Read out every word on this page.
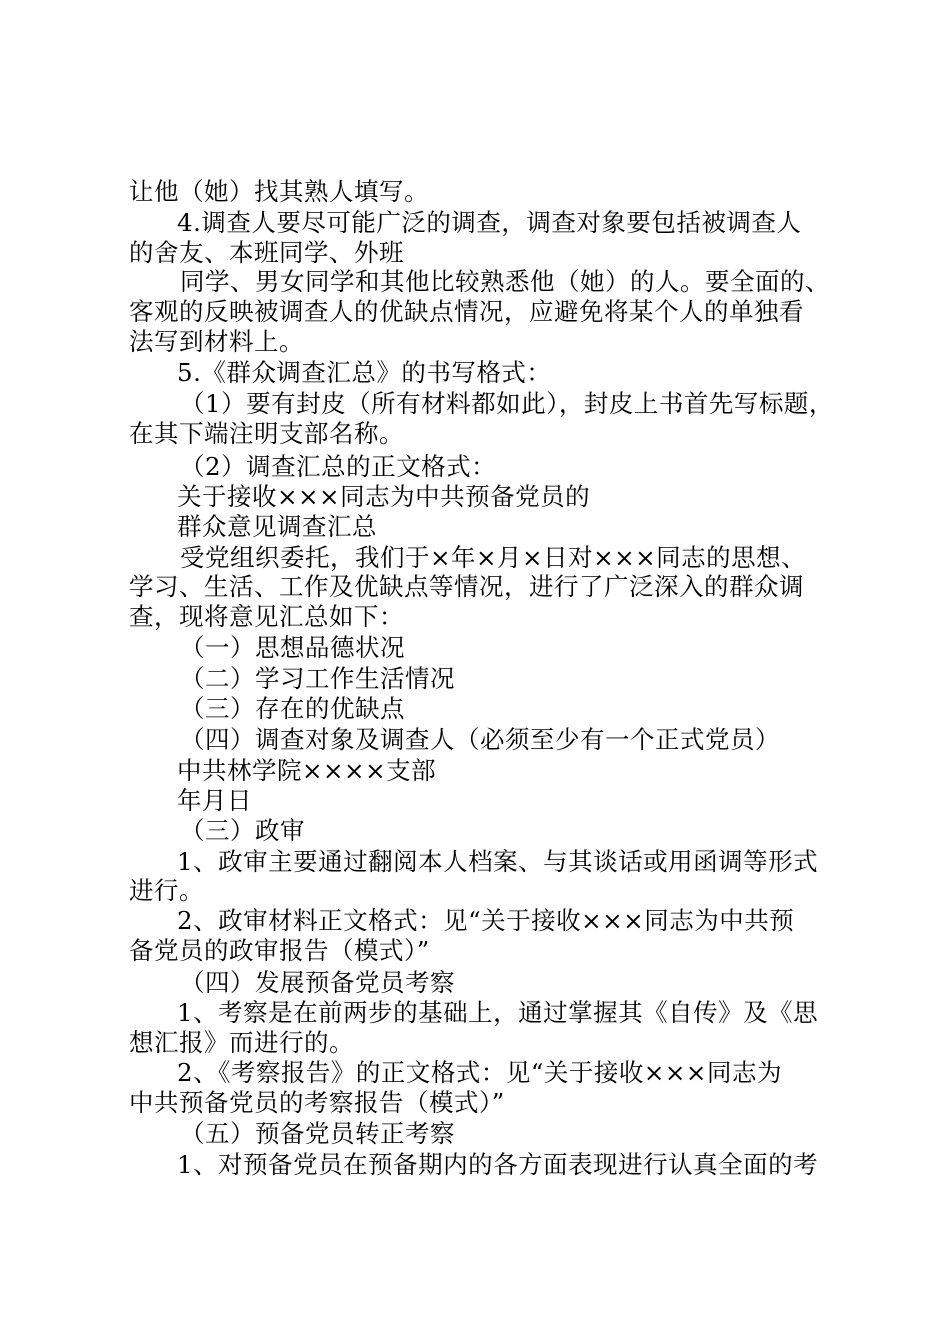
让他（她）找其熟人填写。
4.调查人要尽可能广泛的调查，调查对象要包括被调查人
的舍友、本班同学、外班
同学、男女同学和其他比较熟悉他（她）的人。要全面的、
客观的反映被调查人的优缺点情况，应避免将某个人的单独看
法写到材料上。
5.《群众调查汇总》的书写格式：
（1）要有封皮（所有材料都如此），封皮上书首先写标题，
在其下端注明支部名称。
（2）调查汇总的正文格式：
关于接收×××同志为中共预备党员的
群众意见调查汇总
受党组织委托，我们于×年×月×日对×××同志的思想、
学习、生活、工作及优缺点等情况，进行了广泛深入的群众调
查，现将意见汇总如下：
（一）思想品德状况
（二）学习工作生活情况
（三）存在的优缺点
（四）调查对象及调查人（必须至少有一个正式党员）
中共林学院××××支部
年月日
（三）政审
1、政审主要通过翻阅本人档案、与其谈话或用函调等形式
进行。
2、政审材料正文格式：见“关于接收×××同志为中共预
备党员的政审报告（模式）”
（四）发展预备党员考察
1、考察是在前两步的基础上，通过掌握其《自传》及《思
想汇报》而进行的。
2、《考察报告》的正文格式：见“关于接收×××同志为
中共预备党员的考察报告（模式）”
（五）预备党员转正考察
1、对预备党员在预备期内的各方面表现进行认真全面的考
